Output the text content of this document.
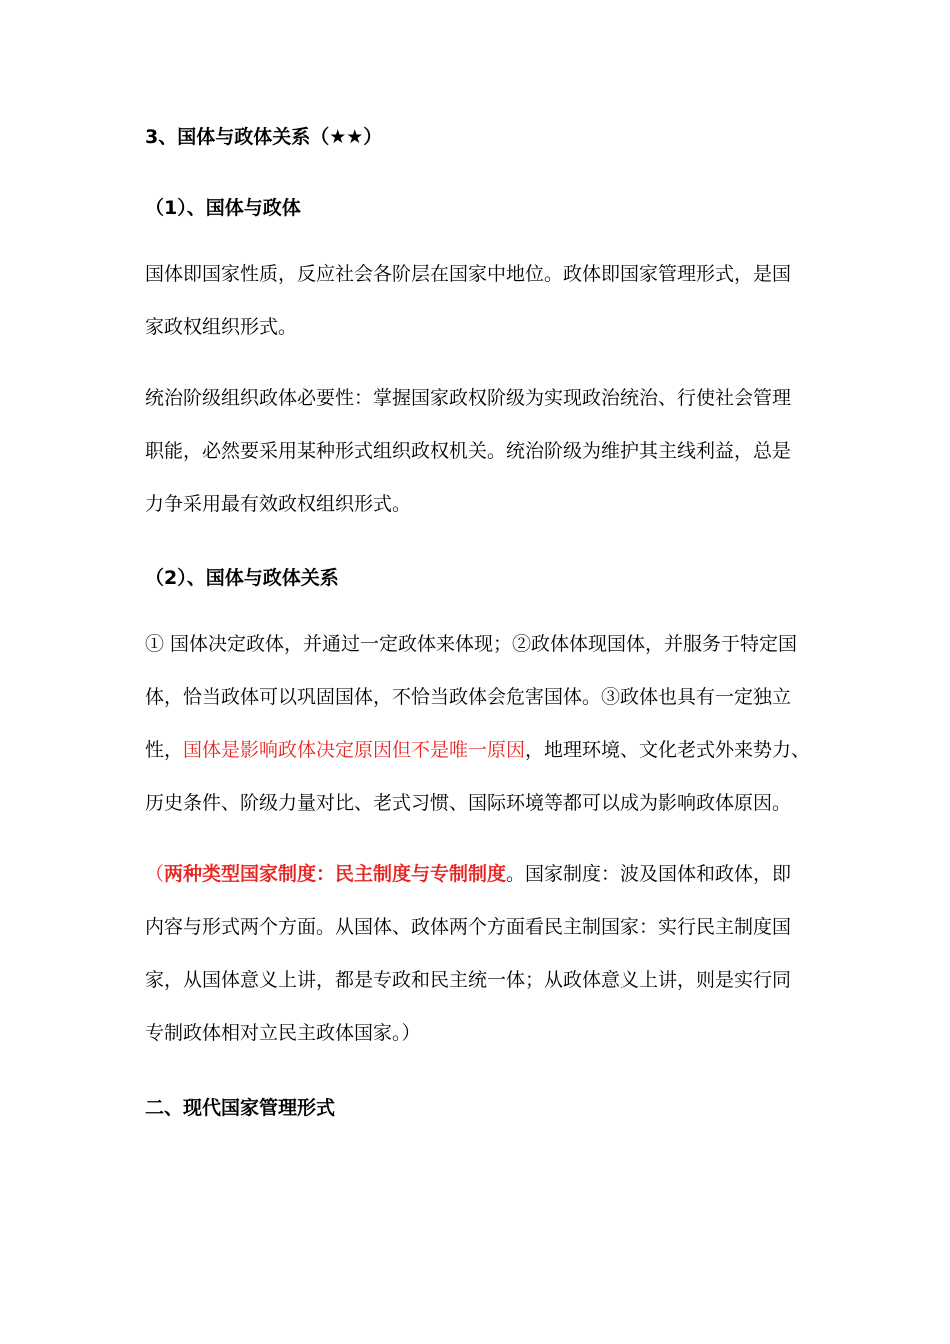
3、国体与政体关系（★★）
（1）、国体与政体
国体即国家性质，反应社会各阶层在国家中地位。政体即国家管理形式，是国
家政权组织形式。
统治阶级组织政体必要性：掌握国家政权阶级为实现政治统治、行使社会管理
职能，必然要采用某种形式组织政权机关。统治阶级为维护其主线利益，总是
力争采用最有效政权组织形式。
（2）、国体与政体关系
① 国体决定政体，并通过一定政体来体现；②政体体现国体，并服务于特定国
体，恰当政体可以巩固国体，不恰当政体会危害国体。③政体也具有一定独立
性，国体是影响政体决定原因但不是唯一原因，地理环境、文化老式外来势力、
历史条件、阶级力量对比、老式习惯、国际环境等都可以成为影响政体原因。
（两种类型国家制度：民主制度与专制制度。国家制度：波及国体和政体，即
内容与形式两个方面。从国体、政体两个方面看民主制国家：实行民主制度国
家，从国体意义上讲，都是专政和民主统一体；从政体意义上讲，则是实行同
专制政体相对立民主政体国家。）
二、现代国家管理形式
